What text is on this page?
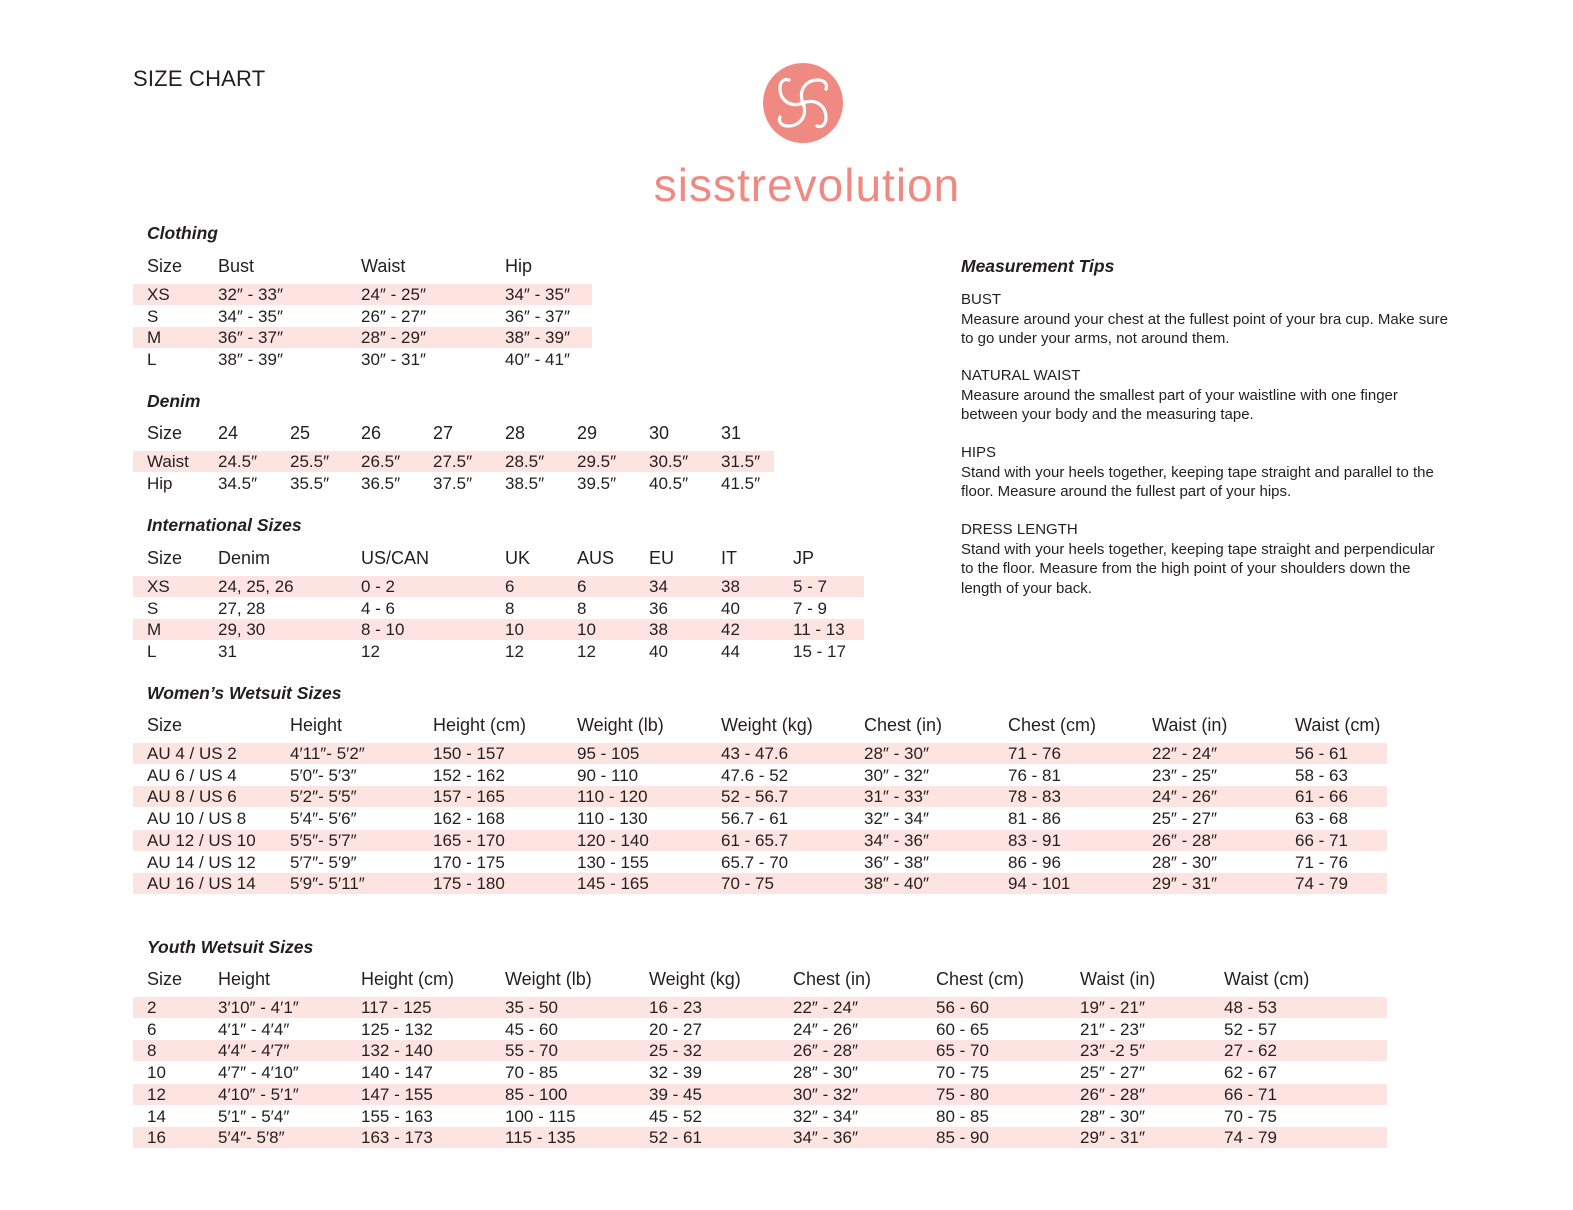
SIZE CHART
sisstrevolution
Clothing
Size Bust	Waist	Hip
XS	32″ - 33″	24″ - 25″	34″ - 35″
S	34″ - 35″	26″ - 27″	36″ - 37″
M	36″ - 37″	28″ - 29″	38″ - 39″
L	38″ - 39″	30″ - 31″	40″ - 41″
Denim
Size 24	25	26	27	28	29	30	31
Waist 24.5″ 25.5″ 26.5″ 27.5″ 28.5″ 29.5″ 30.5″ 31.5″
Hip	34.5″ 35.5″ 36.5″ 37.5″ 38.5″ 39.5″ 40.5″ 41.5″
International Sizes
Size Denim	US/CAN	UK	AUS EU	IT	JP
XS	24, 25, 26	0 - 2	6	6	34	38	5 - 7
S	27, 28	4 - 6	8	8	36	40	7 - 9
M	29, 30	8 - 10	10	10	38	42	11 - 13
L	31	12	12	12	40	44	15 - 17
Women’s Wetsuit Sizes
Size	Height	Height (cm)	Weight (lb)	Weight (kg)	Chest (in)	Chest (cm)	Waist (in)	Waist (cm)
AU 4 / US 2	4′11″- 5′2″	150 - 157	95 - 105	43 - 47.6	28″ - 30″	71 - 76	22″ - 24″	56 - 61
AU 6 / US 4	5′0″- 5′3″	152 - 162	90 - 110	47.6 - 52	30″ - 32″	76 - 81	23″ - 25″	58 - 63
AU 8 / US 6	5′2″- 5′5″	157 - 165	110 - 120	52 - 56.7	31″ - 33″	78 - 83	24″ - 26″	61 - 66
AU 10 / US 8	5′4″- 5′6″	162 - 168	110 - 130	56.7 - 61	32″ - 34″	81 - 86	25″ - 27″	63 - 68
AU 12 / US 10 5′5″- 5′7″	165 - 170	120 - 140	61 - 65.7	34″ - 36″	83 - 91	26″ - 28″	66 - 71
AU 14 / US 12 5′7″- 5′9″	170 - 175	130 - 155	65.7 - 70	36″ - 38″	86 - 96	28″ - 30″	71 - 76
AU 16 / US 14 5′9″- 5′11″	175 - 180	145 - 165	70 - 75	38″ - 40″	94 - 101	29″ - 31″	74 - 79
Youth Wetsuit Sizes
Size Height	Height (cm)	Weight (lb)	Weight (kg)	Chest (in)	Chest (cm)	Waist (in)	Waist (cm)
2	3′10″ - 4′1″	117 - 125	35 - 50	16 - 23	22″ - 24″	56 - 60	19″ - 21″	48 - 53
6	4′1″ - 4′4″	125 - 132	45 - 60	20 - 27	24″ - 26″	60 - 65	21″ - 23″	52 - 57
8	4′4″ - 4′7″	132 - 140	55 - 70	25 - 32	26″ - 28″	65 - 70	23″ -2 5″	27 - 62
10	4′7″ - 4′10″	140 - 147	70 - 85	32 - 39	28″ - 30″	70 - 75	25″ - 27″	62 - 67
12	4′10″ - 5′1″	147 - 155	85 - 100	39 - 45	30″ - 32″	75 - 80	26″ - 28″	66 - 71
14	5′1″ - 5′4″	155 - 163	100 - 115	45 - 52	32″ - 34″	80 - 85	28″ - 30″	70 - 75
16	5′4″- 5′8″	163 - 173	115 - 135	52 - 61	34″ - 36″	85 - 90	29″ - 31″	74 - 79
Measurement Tips
BUST
Measure around your chest at the fullest point of your bra cup. Make sure to go under your arms, not around them.
NATURAL WAIST
Measure around the smallest part of your waistline with one finger between your body and the measuring tape.
HIPS
Stand with your heels together, keeping tape straight and parallel to the floor. Measure around the fullest part of your hips.
DRESS LENGTH
Stand with your heels together, keeping tape straight and perpendicular to the floor. Measure from the high point of your shoulders down the length of your back.
